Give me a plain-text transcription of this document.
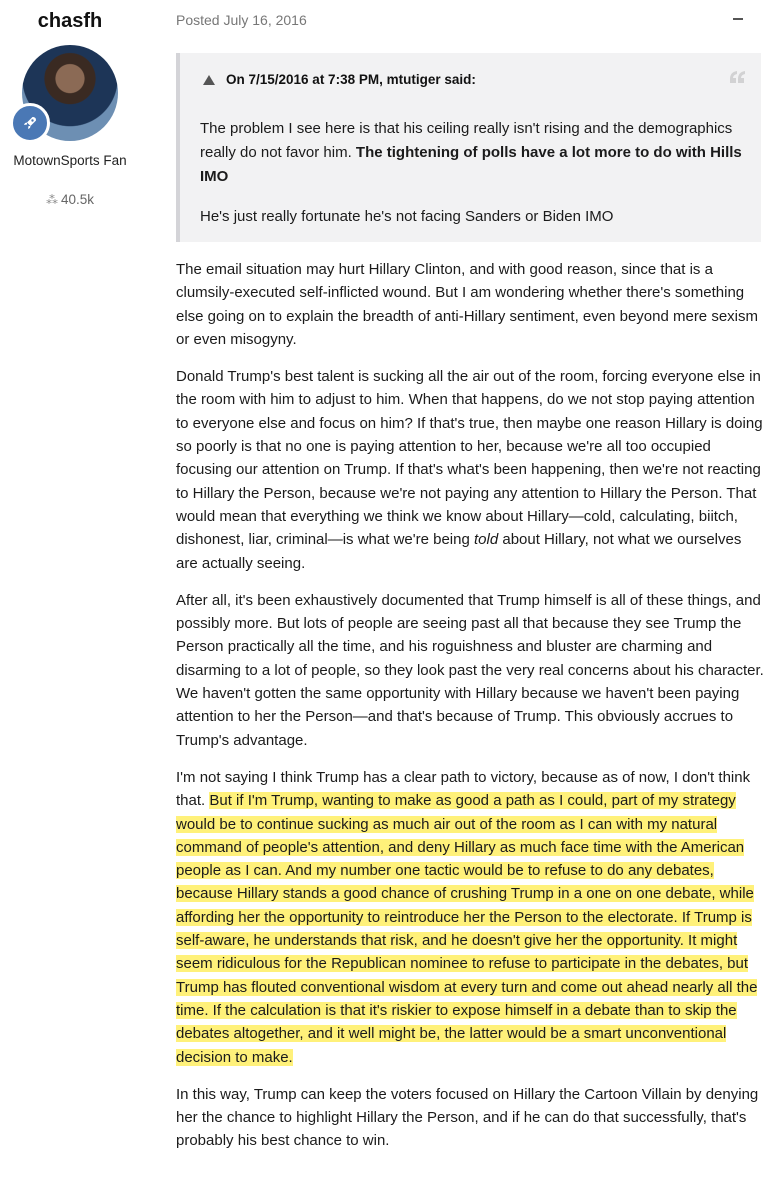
chasfh
MotownSports Fan
⁂ 40.5k
Posted July 16, 2016
On 7/15/2016 at 7:38 PM, mtutiger said:

The problem I see here is that his ceiling really isn't rising and the demographics really do not favor him. The tightening of polls have a lot more to do with Hills IMO

He's just really fortunate he's not facing Sanders or Biden IMO

The email situation may hurt Hillary Clinton, and with good reason, since that is a clumsily-executed self-inflicted wound. But I am wondering whether there's something else going on to explain the breadth of anti-Hillary sentiment, even beyond mere sexism or even misogyny.

Donald Trump's best talent is sucking all the air out of the room, forcing everyone else in the room with him to adjust to him. When that happens, do we not stop paying attention to everyone else and focus on him? If that's true, then maybe one reason Hillary is doing so poorly is that no one is paying attention to her, because we're all too occupied focusing our attention on Trump. If that's what's been happening, then we're not reacting to Hillary the Person, because we're not paying any attention to Hillary the Person. That would mean that everything we think we know about Hillary—cold, calculating, biitch, dishonest, liar, criminal—is what we're being told about Hillary, not what we ourselves are actually seeing.

After all, it's been exhaustively documented that Trump himself is all of these things, and possibly more. But lots of people are seeing past all that because they see Trump the Person practically all the time, and his roguishness and bluster are charming and disarming to a lot of people, so they look past the very real concerns about his character. We haven't gotten the same opportunity with Hillary because we haven't been paying attention to her the Person—and that's because of Trump. This obviously accrues to Trump's advantage.

I'm not saying I think Trump has a clear path to victory, because as of now, I don't think that. But if I'm Trump, wanting to make as good a path as I could, part of my strategy would be to continue sucking as much air out of the room as I can with my natural command of people's attention, and deny Hillary as much face time with the American people as I can. And my number one tactic would be to refuse to do any debates, because Hillary stands a good chance of crushing Trump in a one on one debate, while affording her the opportunity to reintroduce her the Person to the electorate. If Trump is self-aware, he understands that risk, and he doesn't give her the opportunity. It might seem ridiculous for the Republican nominee to refuse to participate in the debates, but Trump has flouted conventional wisdom at every turn and come out ahead nearly all the time. If the calculation is that it's riskier to expose himself in a debate than to skip the debates altogether, and it well might be, the latter would be a smart unconventional decision to make.

In this way, Trump can keep the voters focused on Hillary the Cartoon Villain by denying her the chance to highlight Hillary the Person, and if he can do that successfully, that's probably his best chance to win.
